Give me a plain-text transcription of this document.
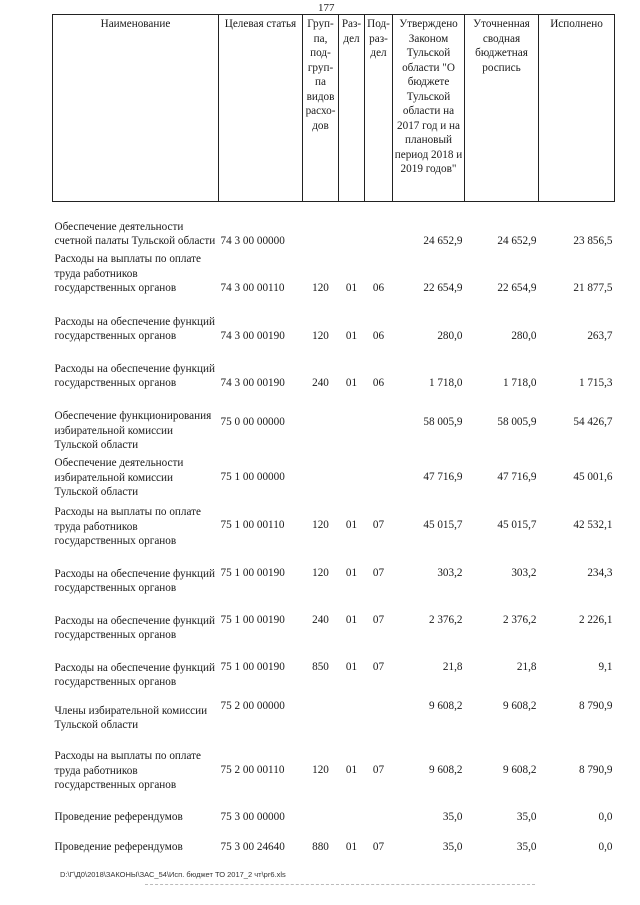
177
Наименование	Целевая статья	Груп-па, под-груп-па видов расхо-дов	Раз-дел	Под-раз-дел	Утверждено Законом Тульской области "О бюджете Тульской области на 2017 год и на плановый период 2018 и 2019 годов"	Уточненная сводная бюджетная роспись	Исполнено
Обеспечение деятельности счетной палаты Тульской области	74 3 00 00000				24 652,9	24 652,9	23 856,5
Расходы на выплаты по оплате труда работников государственных органов	74 3 00 00110	120	01	06	22 654,9	22 654,9	21 877,5
Расходы на обеспечение функций государственных органов	74 3 00 00190	120	01	06	280,0	280,0	263,7
Расходы на обеспечение функций государственных органов	74 3 00 00190	240	01	06	1 718,0	1 718,0	1 715,3
Обеспечение функционирования избирательной комиссии Тульской области	75 0 00 00000				58 005,9	58 005,9	54 426,7
Обеспечение деятельности избирательной комиссии Тульской области	75 1 00 00000				47 716,9	47 716,9	45 001,6
Расходы на выплаты по оплате труда работников государственных органов	75 1 00 00110	120	01	07	45 015,7	45 015,7	42 532,1
Расходы на обеспечение функций государственных органов	75 1 00 00190	120	01	07	303,2	303,2	234,3
Расходы на обеспечение функций государственных органов	75 1 00 00190	240	01	07	2 376,2	2 376,2	2 226,1
Расходы на обеспечение функций государственных органов	75 1 00 00190	850	01	07	21,8	21,8	9,1
Члены избирательной комиссии Тульской области	75 2 00 00000				9 608,2	9 608,2	8 790,9
Расходы на выплаты по оплате труда работников государственных органов	75 2 00 00110	120	01	07	9 608,2	9 608,2	8 790,9
Проведение референдумов	75 3 00 00000				35,0	35,0	0,0
Проведение референдумов	75 3 00 24640	880	01	07	35,0	35,0	0,0
D:\Г\Д0\2018\ЗАКОНЫ\ЗАС_54\Исп. бюджет ТО 2017_2 чт\pr6.xls
